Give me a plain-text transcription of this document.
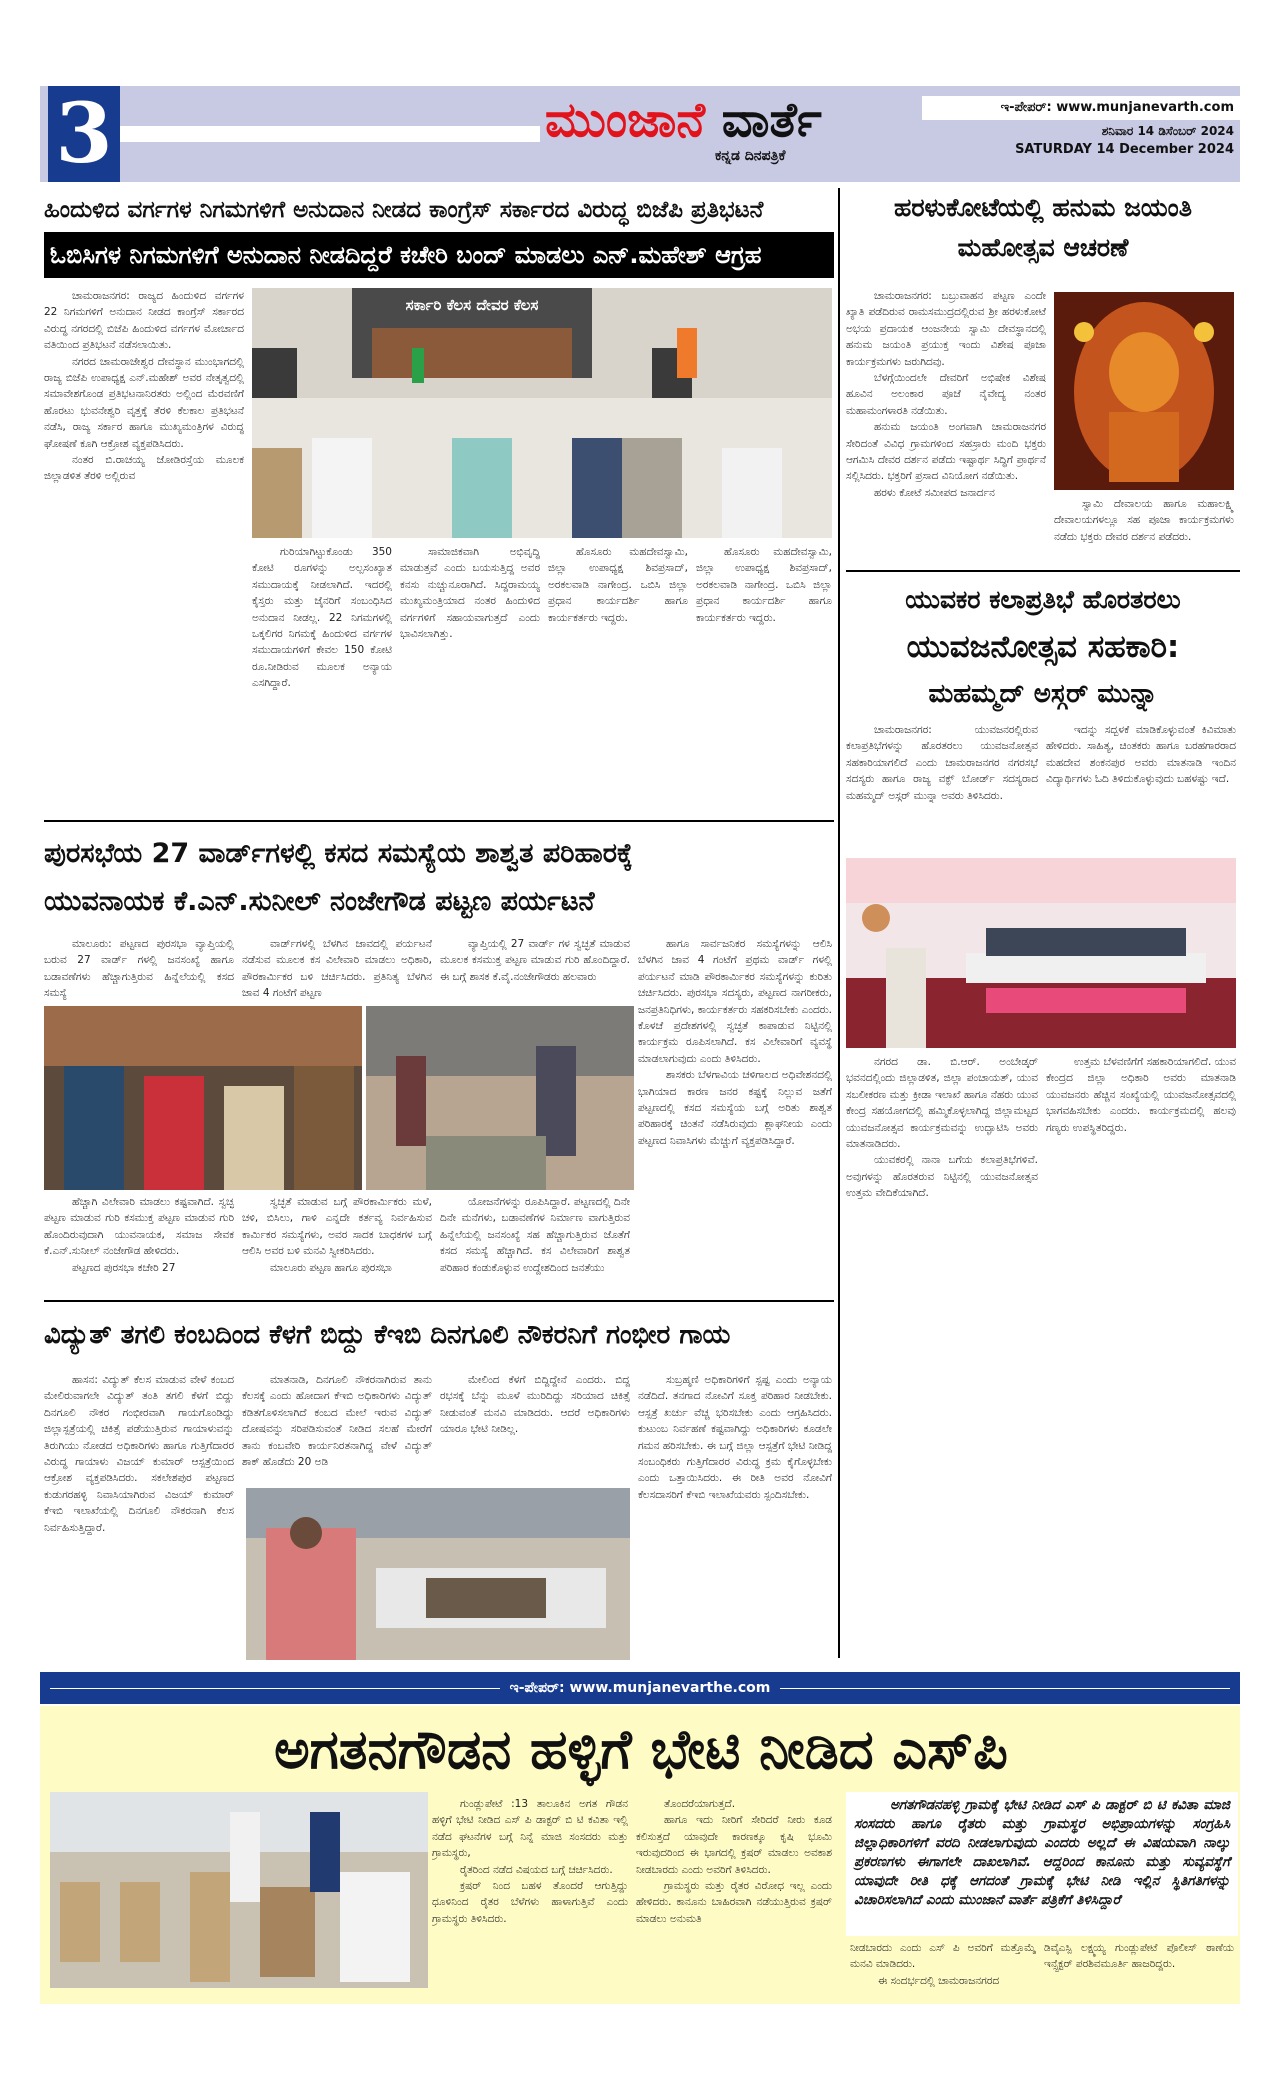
3	ಮುಂಜಾನೆ ವಾರ್ತೆ
ಕನ್ನಡ ದಿನಪತ್ರಿಕೆ
ಇ-ಪೇಪರ್: www.munjanevarth.com
ಶನಿವಾರ 14 ಡಿಸೆಂಬರ್ 2024
SATURDAY 14 December 2024
ಹಿಂದುಳಿದ ವರ್ಗಗಳ ನಿಗಮಗಳಿಗೆ ಅನುದಾನ ನೀಡದ ಕಾಂಗ್ರೆಸ್ ಸರ್ಕಾರದ ವಿರುದ್ಧ ಬಿಜೆಪಿ ಪ್ರತಿಭಟನೆ
ಓಬಿಸಿಗಳ ನಿಗಮಗಳಿಗೆ ಅನುದಾನ ನೀಡದಿದ್ದರೆ ಕಚೇರಿ ಬಂದ್ ಮಾಡಲು ಎನ್.ಮಹೇಶ್ ಆಗ್ರಹ

ಚಾಮರಾಜನಗರ: ರಾಜ್ಯದ ಹಿಂದುಳಿದ ವರ್ಗಗಳ 22 ನಿಗಮಗಳಿಗೆ ಅನುದಾನ ನೀಡದ ಕಾಂಗ್ರೆಸ್ ಸರ್ಕಾರದ ವಿರುದ್ಧ ನಗರದಲ್ಲಿ ಬಿಜೆಪಿ ಹಿಂದುಳಿದ ವರ್ಗಗಳ ಮೋರ್ಚಾದ ವತಿಯಿಂದ ಪ್ರತಿಭಟನೆ ನಡೆಸಲಾಯಿತು.

ನಗರದ ಚಾಮರಾಜೇಶ್ವರ ದೇವಸ್ಥಾನ ಮುಂಭಾಗದಲ್ಲಿ ರಾಜ್ಯ ಬಿಜೆಪಿ ಉಪಾಧ್ಯಕ್ಷ ಎನ್.ಮಹೇಶ್ ಅವರ ನೇತೃತ್ವದಲ್ಲಿ ಸಮಾವೇಶಗೊಂಡ ಪ್ರತಿಭಟನಾನಿರತರು ಅಲ್ಲಿಂದ ಮೆರವಣಿಗೆ ಹೊರಟು ಭುವನೇಶ್ವರಿ ವೃತ್ತಕ್ಕೆ ತೆರಳಿ ಕೆಲಕಾಲ ಪ್ರತಿಭಟನೆ ನಡೆಸಿ, ರಾಜ್ಯ ಸರ್ಕಾರ ಹಾಗೂ ಮುಖ್ಯಮಂತ್ರಿಗಳ ವಿರುದ್ಧ ಘೋಷಣೆ ಕೂಗಿ ಆಕ್ರೋಶ ವ್ಯಕ್ತಪಡಿಸಿದರು.

ನಂತರ ಬಿ.ರಾಚಯ್ಯ ಜೋಡಿರಸ್ತೆಯ ಮೂಲಕ ಜಿಲ್ಲಾಡಳಿತ ತೆರಳಿ ಅಲ್ಲಿರುವ

ಸರ್ಕಾರಿ ಕೆಲಸ ದೇವರ ಕೆಲಸ

ಗುರಿಯಾಗಿಟ್ಟುಕೊಂಡು 350 ಕೋಟಿ ರೂಗಳನ್ನು ಅಲ್ಪಸಂಖ್ಯಾತ ಸಮುದಾಯಕ್ಕೆ ನೀಡಲಾಗಿದೆ. ಇದರಲ್ಲಿ ಕೈಸ್ತರು ಮತ್ತು ಜೈನರಿಗೆ ಸಂಬಂಧಿಸಿದ ಅನುದಾನ ನೀಡಲ್ಲ. 22 ನಿಗಮಗಳಲ್ಲಿ ಒಕ್ಕಲಿಗರ ನಿಗಮಕ್ಕೆ ಹಿಂದುಳಿದ ವರ್ಗಗಳ ಸಮುದಾಯಗಳಿಗೆ ಕೇವಲ 150 ಕೋಟಿ ರೂ.ನೀಡಿರುವ ಮೂಲಕ ಅನ್ಯಾಯ ಎಸಗಿದ್ದಾರೆ.

ಸಾಮಾಜಿಕವಾಗಿ ಅಭಿವೃದ್ಧಿ ಮಾಡುತ್ತವೆ ಎಂದು ಬಯಸುತ್ತಿದ್ದ ಅವರ ಕನಸು ನುಚ್ಚುನೂರಾಗಿದೆ. ಸಿದ್ದರಾಮಯ್ಯ ಮುಖ್ಯಮಂತ್ರಿಯಾದ ನಂತರ ಹಿಂದುಳಿದ ವರ್ಗಗಳಿಗೆ ಸಹಾಯವಾಗುತ್ತದೆ ಎಂದು ಭಾವಿಸಲಾಗಿತ್ತು.

ಹೊಸೂರು ಮಹದೇವಸ್ವಾಮಿ, ಜಿಲ್ಲಾ ಉಪಾಧ್ಯಕ್ಷ ಶಿವಪ್ರಸಾದ್, ಅರಕಲವಾಡಿ ನಾಗೇಂದ್ರ. ಒಬಿಸಿ ಜಿಲ್ಲಾ ಪ್ರಧಾನ ಕಾರ್ಯದರ್ಶಿ ಹಾಗೂ ಕಾರ್ಯಕರ್ತರು ಇದ್ದರು.

ಹೊಸೂರು ಮಹದೇವಸ್ವಾಮಿ, ಜಿಲ್ಲಾ ಉಪಾಧ್ಯಕ್ಷ ಶಿವಪ್ರಸಾದ್, ಅರಕಲವಾಡಿ ನಾಗೇಂದ್ರ. ಒಬಿಸಿ ಜಿಲ್ಲಾ ಪ್ರಧಾನ ಕಾರ್ಯದರ್ಶಿ ಹಾಗೂ ಕಾರ್ಯಕರ್ತರು ಇದ್ದರು.

ಹರಳುಕೋಟೆಯಲ್ಲಿ ಹನುಮ ಜಯಂತಿ ಮಹೋತ್ಸವ ಆಚರಣೆ

ಚಾಮರಾಜನಗರ: ಬಬ್ರುವಾಹನ ಪಟ್ಟಣ ಎಂದೇ ಖ್ಯಾತಿ ಪಡೆದಿರುವ ರಾಮಸಮುದ್ರದಲ್ಲಿರುವ ಶ್ರೀ ಹರಳುಕೋಟೆ ಅಭಯ ಪ್ರದಾಯಕ ಆಂಜನೇಯ ಸ್ವಾಮಿ ದೇವಸ್ಥಾನದಲ್ಲಿ ಹನುಮ ಜಯಂತಿ ಪ್ರಯುಕ್ತ ಇಂದು ವಿಶೇಷ ಪೂಜಾ ಕಾರ್ಯಕ್ರಮಗಳು ಜರುಗಿದವು.

ಬೆಳಗ್ಗೆಯಿಂದಲೇ ದೇವರಿಗೆ ಅಭಿಷೇಕ ವಿಶೇಷ ಹೂವಿನ ಅಲಂಕಾರ ಪೂಜೆ ನೈವೇದ್ಯ ನಂತರ ಮಹಾಮಂಗಳಾರತಿ ನಡೆಯಿತು.

ಹನುಮ ಜಯಂತಿ ಅಂಗವಾಗಿ ಚಾಮರಾಜನಗರ ಸೇರಿದಂತೆ ವಿವಿಧ ಗ್ರಾಮಗಳಿಂದ ಸಹಸ್ರಾರು ಮಂದಿ ಭಕ್ತರು ಆಗಮಿಸಿ ದೇವರ ದರ್ಶನ ಪಡೆದು ಇಷ್ಟಾರ್ಥ ಸಿದ್ಧಿಗೆ ಪ್ರಾರ್ಥನೆ ಸಲ್ಲಿಸಿದರು. ಭಕ್ತರಿಗೆ ಪ್ರಸಾದ ವಿನಿಯೋಗ ನಡೆಯಿತು.

ಹರಳು ಕೋಟೆ ಸಮೀಪದ ಜನಾರ್ದನ

ಸ್ವಾಮಿ ದೇವಾಲಯ ಹಾಗೂ ಮಹಾಲಕ್ಷ್ಮಿ ದೇವಾಲಯಗಳಲ್ಲೂ ಸಹ ಪೂಜಾ ಕಾರ್ಯಕ್ರಮಗಳು ನಡೆದು ಭಕ್ತರು ದೇವರ ದರ್ಶನ ಪಡೆದರು.

ಯುವಕರ ಕಲಾಪ್ರತಿಭೆ ಹೊರತರಲು
ಯುವಜನೋತ್ಸವ ಸಹಕಾರಿ:
ಮಹಮ್ಮದ್ ಅಸ್ಗರ್ ಮುನ್ನಾ

ಚಾಮರಾಜನಗರ: ಯುವಜನರಲ್ಲಿರುವ ಕಲಾಪ್ರತಿಭೆಗಳನ್ನು ಹೊರತರಲು ಯುವಜನೋತ್ಸವ ಸಹಕಾರಿಯಾಗಲಿದೆ ಎಂದು ಚಾಮರಾಜನಗರ ನಗರಸಭೆ ಸದಸ್ಯರು ಹಾಗೂ ರಾಜ್ಯ ವಕ್ಫ್ ಬೋರ್ಡ್ ಸದಸ್ಯರಾದ ಮಹಮ್ಮದ್ ಅಸ್ಗರ್ ಮುನ್ನಾ ಅವರು ತಿಳಿಸಿದರು.

ಇದನ್ನು ಸದ್ಬಳಕೆ ಮಾಡಿಕೊಳ್ಳುವಂತೆ ಕಿವಿಮಾತು ಹೇಳಿದರು. ಸಾಹಿತ್ಯ, ಚಿಂತಕರು ಹಾಗೂ ಬರಹಗಾರರಾದ ಮಹದೇವ ಶಂಕನಪುರ ಅವರು ಮಾತನಾಡಿ ಇಂದಿನ ವಿದ್ಯಾರ್ಥಿಗಳು ಓದಿ ತಿಳಿದುಕೊಳ್ಳುವುದು ಬಹಳಷ್ಟು ಇದೆ.

ನಗರದ ಡಾ. ಬಿ.ಆರ್. ಅಂಬೇಡ್ಕರ್ ಭವನದಲ್ಲಿಂದು ಜಿಲ್ಲಾಡಳಿತ, ಜಿಲ್ಲಾ ಪಂಚಾಯತ್, ಯುವ ಸಬಲೀಕರಣ ಮತ್ತು ಕ್ರೀಡಾ ಇಲಾಖೆ ಹಾಗೂ ನೆಹರು ಯುವ ಕೇಂದ್ರ ಸಹಯೋಗದಲ್ಲಿ ಹಮ್ಮಿಕೊಳ್ಳಲಾಗಿದ್ದ ಜಿಲ್ಲಾಮಟ್ಟದ ಯುವಜನೋತ್ಸವ ಕಾರ್ಯಕ್ರಮವನ್ನು ಉದ್ಘಾಟಿಸಿ ಅವರು ಮಾತನಾಡಿದರು.

ಯುವಕರಲ್ಲಿ ನಾನಾ ಬಗೆಯ ಕಲಾಪ್ರತಿಭೆಗಳಿವೆ. ಅವುಗಳನ್ನು ಹೊರತರುವ ನಿಟ್ಟಿನಲ್ಲಿ ಯುವಜನೋತ್ಸವ ಉತ್ತಮ ವೇದಿಕೆಯಾಗಿದೆ.

ಉತ್ತಮ ಬೆಳವಣಿಗೆಗೆ ಸಹಕಾರಿಯಾಗಲಿದೆ. ಯುವ ಕೇಂದ್ರದ ಜಿಲ್ಲಾ ಅಧಿಕಾರಿ ಅವರು ಮಾತನಾಡಿ ಯುವಜನರು ಹೆಚ್ಚಿನ ಸಂಖ್ಯೆಯಲ್ಲಿ ಯುವಜನೋತ್ಸವದಲ್ಲಿ ಭಾಗವಹಿಸಬೇಕು ಎಂದರು. ಕಾರ್ಯಕ್ರಮದಲ್ಲಿ ಹಲವು ಗಣ್ಯರು ಉಪಸ್ಥಿತರಿದ್ದರು.

ಪುರಸಭೆಯ 27 ವಾರ್ಡ್‌ಗಳಲ್ಲಿ ಕಸದ ಸಮಸ್ಯೆಯ ಶಾಶ್ವತ ಪರಿಹಾರಕ್ಕೆ
ಯುವನಾಯಕ ಕೆ.ಎನ್.ಸುನೀಲ್ ನಂಜೇಗೌಡ ಪಟ್ಟಣ ಪರ್ಯಟನೆ

ಮಾಲೂರು: ಪಟ್ಟಣದ ಪುರಸಭಾ ವ್ಯಾಪ್ತಿಯಲ್ಲಿ ಬರುವ 27 ವಾರ್ಡ್ ಗಳಲ್ಲಿ ಜನಸಂಖ್ಯೆ ಹಾಗೂ ಬಡಾವಣೆಗಳು ಹೆಚ್ಚಾಗುತ್ತಿರುವ ಹಿನ್ನೆಲೆಯಲ್ಲಿ ಕಸದ ಸಮಸ್ಯೆ

ವಾರ್ಡ್‌ಗಳಲ್ಲಿ ಬೆಳಗಿನ ಜಾವದಲ್ಲಿ ಪರ್ಯಟನೆ ನಡೆಸುವ ಮೂಲಕ ಕಸ ವಿಲೇವಾರಿ ಮಾಡಲು ಅಧಿಕಾರಿ, ಪೌರಕಾರ್ಮಿಕರ ಬಳಿ ಚರ್ಚಿಸಿದರು. ಪ್ರತಿನಿತ್ಯ ಬೆಳಗಿನ ಜಾವ 4 ಗಂಟೆಗೆ ಪಟ್ಟಣ

ವ್ಯಾಪ್ತಿಯಲ್ಲಿ 27 ವಾರ್ಡ್ ಗಳ ಸ್ವಚ್ಛತೆ ಮಾಡುವ ಮೂಲಕ ಕಸಮುಕ್ತ ಪಟ್ಟಣ ಮಾಡುವ ಗುರಿ ಹೊಂದಿದ್ದಾರೆ. ಈ ಬಗ್ಗೆ ಶಾಸಕ ಕೆ.ವೈ.ನಂಜೇಗೌಡರು ಹಲವಾರು

ಹಾಗೂ ಸಾರ್ವಜನಿಕರ ಸಮಸ್ಯೆಗಳನ್ನು ಆಲಿಸಿ ಬೆಳಗಿನ ಜಾವ 4 ಗಂಟೆಗೆ ಪ್ರಥಮ ವಾರ್ಡ್ ಗಳಲ್ಲಿ ಪರ್ಯಟನೆ ಮಾಡಿ ಪೌರಕಾರ್ಮಿಕರ ಸಮಸ್ಯೆಗಳನ್ನು ಕುರಿತು ಚರ್ಚಿಸಿದರು. ಪುರಸಭಾ ಸದಸ್ಯರು, ಪಟ್ಟಣದ ನಾಗರೀಕರು, ಜನಪ್ರತಿನಿಧಿಗಳು, ಕಾರ್ಯಕರ್ತರು ಸಹಕರಿಸಬೇಕು ಎಂದರು. ಕೊಳಚೆ ಪ್ರದೇಶಗಳಲ್ಲಿ ಸ್ವಚ್ಛತೆ ಕಾಪಾಡುವ ನಿಟ್ಟಿನಲ್ಲಿ ಕಾರ್ಯಕ್ರಮ ರೂಪಿಸಲಾಗಿದೆ. ಕಸ ವಿಲೇವಾರಿಗೆ ವ್ಯವಸ್ಥೆ ಮಾಡಲಾಗುವುದು ಎಂದು ತಿಳಿಸಿದರು.

ಶಾಸಕರು ಬೆಳಗಾವಿಯ ಚಳಿಗಾಲದ ಅಧಿವೇಶನದಲ್ಲಿ ಭಾಗಿಯಾದ ಕಾರಣ ಜನರ ಕಷ್ಟಕ್ಕೆ ನಿಲ್ಲುವ ಜತೆಗೆ ಪಟ್ಟಣದಲ್ಲಿ ಕಸದ ಸಮಸ್ಯೆಯ ಬಗ್ಗೆ ಅರಿತು ಶಾಶ್ವತ ಪರಿಹಾರಕ್ಕೆ ಚಿಂತನೆ ನಡೆಸಿರುವುದು ಶ್ಲಾಘನೀಯ ಎಂದು ಪಟ್ಟಣದ ನಿವಾಸಿಗಳು ಮೆಚ್ಚುಗೆ ವ್ಯಕ್ತಪಡಿಸಿದ್ದಾರೆ.

ಹೆಚ್ಚಾಗಿ ವಿಲೇವಾರಿ ಮಾಡಲು ಕಷ್ಟವಾಗಿದೆ. ಸ್ವಚ್ಛ ಪಟ್ಟಣ ಮಾಡುವ ಗುರಿ ಕಸಮುಕ್ತ ಪಟ್ಟಣ ಮಾಡುವ ಗುರಿ ಹೊಂದಿರುವುದಾಗಿ ಯುವನಾಯಕ, ಸಮಾಜ ಸೇವಕ ಕೆ.ಎನ್.ಸುನೀಲ್ ನಂಜೇಗೌಡ ಹೇಳಿದರು.

ಪಟ್ಟಣದ ಪುರಸಭಾ ಕಚೇರಿ 27

ಸ್ವಚ್ಛತೆ ಮಾಡುವ ಬಗ್ಗೆ ಪೌರಕಾರ್ಮಿಕರು ಮಳೆ, ಚಳಿ, ಬಿಸಿಲು, ಗಾಳಿ ಎನ್ನದೇ ಕರ್ತವ್ಯ ನಿರ್ವಹಿಸುವ ಕಾರ್ಮಿಕರ ಸಮಸ್ಯೆಗಳು, ಅವರ ಸಾದಕ ಬಾಧಕಗಳ ಬಗ್ಗೆ ಆಲಿಸಿ ಅವರ ಬಳಿ ಮನವಿ ಸ್ವೀಕರಿಸಿದರು.

ಮಾಲೂರು ಪಟ್ಟಣ ಹಾಗೂ ಪುರಸಭಾ

ಯೋಜನೆಗಳನ್ನು ರೂಪಿಸಿದ್ದಾರೆ. ಪಟ್ಟಣದಲ್ಲಿ ದಿನೇ ದಿನೇ ಮನೆಗಳು, ಬಡಾವಣೆಗಳ ನಿರ್ಮಾಣ ವಾಗುತ್ತಿರುವ ಹಿನ್ನೆಲೆಯಲ್ಲಿ ಜನಸಂಖ್ಯೆ ಸಹ ಹೆಚ್ಚಾಗುತ್ತಿರುವ ಜೊತೆಗೆ ಕಸದ ಸಮಸ್ಯೆ ಹೆಚ್ಚಾಗಿದೆ. ಕಸ ವಿಲೇವಾರಿಗೆ ಶಾಶ್ವತ ಪರಿಹಾರ ಕಂಡುಕೊಳ್ಳುವ ಉದ್ದೇಶದಿಂದ ಜನತೆಯು

ವಿದ್ಯುತ್ ತಗಲಿ ಕಂಬದಿಂದ ಕೆಳಗೆ ಬಿದ್ದು ಕೆಇಬಿ ದಿನಗೂಲಿ ನೌಕರನಿಗೆ ಗಂಭೀರ ಗಾಯ

ಹಾಸನ: ವಿದ್ಯುತ್ ಕೆಲಸ ಮಾಡುವ ವೇಳೆ ಕಂಬದ ಮೇಲಿರುವಾಗಲೇ ವಿದ್ಯುತ್ ತಂತಿ ತಗಲಿ ಕೆಳಗೆ ಬಿದ್ದು ದಿನಗೂಲಿ ನೌಕರ ಗಂಭೀರವಾಗಿ ಗಾಯಗೊಂಡಿದ್ದು ಜಿಲ್ಲಾಸ್ಪತ್ರೆಯಲ್ಲಿ ಚಿಕಿತ್ಸೆ ಪಡೆಯುತ್ತಿರುವ ಗಾಯಾಳುವನ್ನು ತಿರುಗಿಯು ನೋಡದ ಅಧಿಕಾರಿಗಳು ಹಾಗೂ ಗುತ್ತಿಗೆದಾರರ ವಿರುದ್ಧ ಗಾಯಾಳು ವಿಜಯ್ ಕುಮಾರ್ ಆಸ್ಪತ್ರೆಯಿಂದ ಆಕ್ರೋಶ ವ್ಯಕ್ತಪಡಿಸಿದರು. ಸಕಲೇಶಪುರ ಪಟ್ಟಣದ ಕುಡುಗರಹಳ್ಳಿ ನಿವಾಸಿಯಾಗಿರುವ ವಿಜಯ್ ಕುಮಾರ್ ಕೆಇಬಿ ಇಲಾಖೆಯಲ್ಲಿ ದಿನಗೂಲಿ ನೌಕರನಾಗಿ ಕೆಲಸ ನಿರ್ವಹಿಸುತ್ತಿದ್ದಾರೆ.

ಮಾತನಾಡಿ, ದಿನಗೂಲಿ ನೌಕರನಾಗಿರುವ ತಾನು ಕೆಲಸಕ್ಕೆ ಎಂದು ಹೋದಾಗ ಕೆಇಬಿ ಅಧಿಕಾರಿಗಳು ವಿದ್ಯುತ್ ಕಡಿತಗೊಳಿಸಲಾಗಿದೆ ಕಂಬದ ಮೇಲೆ ಇರುವ ವಿದ್ಯುತ್ ದೋಷವನ್ನು ಸರಿಪಡಿಸುವಂತೆ ನೀಡಿದ ಸಲಹೆ ಮೇರೆಗೆ ತಾನು ಕಂಬವೇರಿ ಕಾರ್ಯನಿರತನಾಗಿದ್ದ ವೇಳೆ ವಿದ್ಯುತ್ ಶಾಕ್ ಹೊಡೆದು 20 ಅಡಿ

ಮೇಲಿಂದ ಕೆಳಗೆ ಬಿದ್ದಿದ್ದೇನೆ ಎಂದರು. ಬಿದ್ದ ರಭಸಕ್ಕೆ ಬೆನ್ನು ಮೂಳೆ ಮುರಿದಿದ್ದು ಸರಿಯಾದ ಚಿಕಿತ್ಸೆ ನೀಡುವಂತೆ ಮನವಿ ಮಾಡಿದರು. ಆದರೆ ಅಧಿಕಾರಿಗಳು ಯಾರೂ ಭೇಟಿ ನೀಡಿಲ್ಲ.

ಸುಬ್ರಹ್ಮಣಿ ಅಧಿಕಾರಿಗಳಿಗೆ ಸ್ಪಷ್ಟ ಎಂದು ಅನ್ಯಾಯ ನಡೆದಿದೆ. ತನಗಾದ ನೋವಿಗೆ ಸೂಕ್ತ ಪರಿಹಾರ ನೀಡಬೇಕು. ಆಸ್ಪತ್ರೆ ಖರ್ಚು ವೆಚ್ಚ ಭರಿಸಬೇಕು ಎಂದು ಆಗ್ರಹಿಸಿದರು. ಕುಟುಂಬ ನಿರ್ವಹಣೆ ಕಷ್ಟವಾಗಿದ್ದು ಅಧಿಕಾರಿಗಳು ಕೂಡಲೇ ಗಮನ ಹರಿಸಬೇಕು. ಈ ಬಗ್ಗೆ ಜಿಲ್ಲಾ ಆಸ್ಪತ್ರೆಗೆ ಭೇಟಿ ನೀಡಿದ್ದ ಸಂಬಂಧಿಕರು ಗುತ್ತಿಗೆದಾರರ ವಿರುದ್ಧ ಕ್ರಮ ಕೈಗೊಳ್ಳಬೇಕು ಎಂದು ಒತ್ತಾಯಿಸಿದರು. ಈ ರೀತಿ ಅವರ ನೋವಿಗೆ ಕೆಲಸದಾಸರಿಗೆ ಕೆಇಬಿ ಇಲಾಖೆಯವರು ಸ್ಪಂದಿಸಬೇಕು.

ಇ-ಪೇಪರ್: www.munjanevarthe.com
ಅಗತನಗೌಡನ ಹಳ್ಳಿಗೆ ಭೇಟಿ ನೀಡಿದ ಎಸ್‌ಪಿ

ಗುಂಡ್ಲುಪೇಟೆ :13 ತಾಲೂಕಿನ ಅಗತ ಗೌಡನ ಹಳ್ಳಿಗೆ ಭೇಟಿ ನೀಡಿದ ಎಸ್ ಪಿ ಡಾಕ್ಟರ್ ಬಿ ಟಿ ಕವಿತಾ ಇಲ್ಲಿ ನಡೆದ ಘಟನೆಗಳ ಬಗ್ಗೆ ನಿನ್ನೆ ಮಾಜಿ ಸಂಸದರು ಮತ್ತು ಗ್ರಾಮಸ್ಥರು,

ರೈತರಿಂದ ನಡೆದ ವಿಷಯದ ಬಗ್ಗೆ ಚರ್ಚಿಸಿದರು.

ಕ್ರಷರ್ ನಿಂದ ಬಹಳ ತೊಂದರೆ ಆಗುತ್ತಿದ್ದು ಧೂಳಿನಿಂದ ರೈತರ ಬೆಳೆಗಳು ಹಾಳಾಗುತ್ತಿವೆ ಎಂದು ಗ್ರಾಮಸ್ಥರು ತಿಳಿಸಿದರು.

ತೊಂದರೆಯಾಗುತ್ತದೆ.

ಹಾಗೂ ಇದು ನೀರಿಗೆ ಸೇರಿದರೆ ನೀರು ಕೂಡ ಕಲಿಸುತ್ತದೆ ಯಾವುದೇ ಕಾರಣಕ್ಕೂ ಕೃಷಿ ಭೂಮಿ ಇರುವುದರಿಂದ ಈ ಭಾಗದಲ್ಲಿ ಕ್ರಷರ್ ಮಾಡಲು ಅವಕಾಶ ನೀಡಬಾರದು ಎಂದು ಅವರಿಗೆ ತಿಳಿಸಿದರು.

ಗ್ರಾಮಸ್ಥರು ಮತ್ತು ರೈತರ ವಿರೋಧ ಇಲ್ಲ ಎಂದು ಹೇಳಿದರು. ಕಾನೂನು ಬಾಹಿರವಾಗಿ ನಡೆಯುತ್ತಿರುವ ಕ್ರಷರ್ ಮಾಡಲು ಅನುಮತಿ

ಅಗತಗೌಡನಹಳ್ಳಿ ಗ್ರಾಮಕ್ಕೆ ಭೇಟಿ ನೀಡಿದ ಎಸ್ ಪಿ ಡಾಕ್ಟರ್ ಬಿ ಟಿ ಕವಿತಾ ಮಾಜಿ ಸಂಸದರು ಹಾಗೂ ರೈತರು ಮತ್ತು ಗ್ರಾಮಸ್ಥರ ಅಭಿಪ್ರಾಯಗಳನ್ನು ಸಂಗ್ರಹಿಸಿ ಜಿಲ್ಲಾಧಿಕಾರಿಗಳಿಗೆ ವರದಿ ನೀಡಲಾಗುವುದು ಎಂದರು ಅಲ್ಲದೆ ಈ ವಿಷಯವಾಗಿ ನಾಲ್ಕು ಪ್ರಕರಣಗಳು ಈಗಾಗಲೇ ದಾಖಲಾಗಿವೆ. ಆದ್ದರಿಂದ ಕಾನೂನು ಮತ್ತು ಸುವ್ಯವಸ್ಥೆಗೆ ಯಾವುದೇ ರೀತಿ ಧಕ್ಕೆ ಆಗದಂತೆ ಗ್ರಾಮಕ್ಕೆ ಭೇಟಿ ನೀಡಿ ಇಲ್ಲಿನ ಸ್ಥಿತಿಗತಿಗಳನ್ನು ವಿಚಾರಿಸಲಾಗಿದೆ ಎಂದು ಮುಂಜಾನೆ ವಾರ್ತೆ ಪತ್ರಿಕೆಗೆ ತಿಳಿಸಿದ್ದಾರೆ

ನೀಡಬಾರದು ಎಂದು ಎಸ್ ಪಿ ಅವರಿಗೆ ಮತ್ತೊಮ್ಮೆ ಮನವಿ ಮಾಡಿದರು.

ಈ ಸಂದರ್ಭದಲ್ಲಿ ಚಾಮರಾಜನಗರದ

ಡಿವೈಎಸ್ಪಿ ಲಕ್ಷ್ಮಯ್ಯ ಗುಂಡ್ಲುಪೇಟೆ ಪೊಲೀಸ್ ಠಾಣೆಯ ಇನ್ಸ್ಪೆಕ್ಟರ್ ಪರಶಿವಮೂರ್ತಿ ಹಾಜರಿದ್ದರು.
